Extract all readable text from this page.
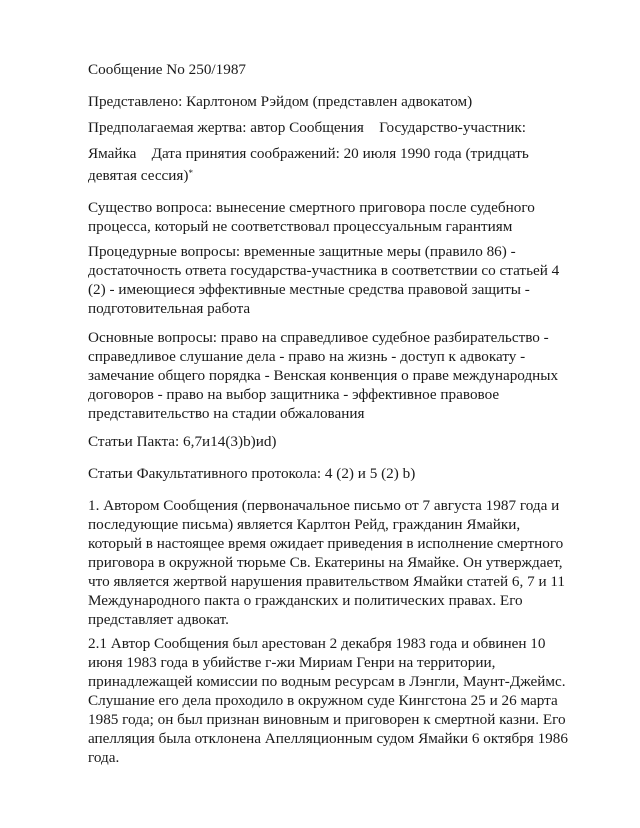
Сообщение No 250/1987

Представлено: Карлтоном Рэйдом (представлен адвокатом)

Предполагаемая жертва: автор Сообщения    Государство-участник:

Ямайка    Дата принятия соображений: 20 июля 1990 года (тридцать

девятая сессия)*

Существо вопроса: вынесение смертного приговора после судебного
процесса, который не соответствовал процессуальным гарантиям

Процедурные вопросы: временные защитные меры (правило 86) -
достаточность ответа государства-участника в соответствии со статьей 4
(2) - имеющиеся эффективные местные средства правовой защиты -
подготовительная работа

Основные вопросы: право на справедливое судебное разбирательство -
справедливое слушание дела - право на жизнь - доступ к адвокату -
замечание общего порядка - Венская конвенция о праве международных
договоров - право на выбор защитника - эффективное правовое
представительство на стадии обжалования

Статьи Пакта: 6,7и14(3)b)иd)

Статьи Факультативного протокола: 4 (2) и 5 (2) b)

1. Автором Сообщения (первоначальное письмо от 7 августа 1987 года и
последующие письма) является Карлтон Рейд, гражданин Ямайки,
который в настоящее время ожидает приведения в исполнение смертного
приговора в окружной тюрьме Св. Екатерины на Ямайке. Он утверждает,
что является жертвой нарушения правительством Ямайки статей 6, 7 и 11
Международного пакта о гражданских и политических правах. Его
представляет адвокат.

2.1 Автор Сообщения был арестован 2 декабря 1983 года и обвинен 10
июня 1983 года в убийстве г-жи Мириам Генри на территории,
принадлежащей комиссии по водным ресурсам в Лэнгли, Маунт-Джеймс.
Слушание его дела проходило в окружном суде Кингстона 25 и 26 марта
1985 года; он был признан виновным и приговорен к смертной казни. Его
апелляция была отклонена Апелляционным судом Ямайки 6 октября 1986
года.
